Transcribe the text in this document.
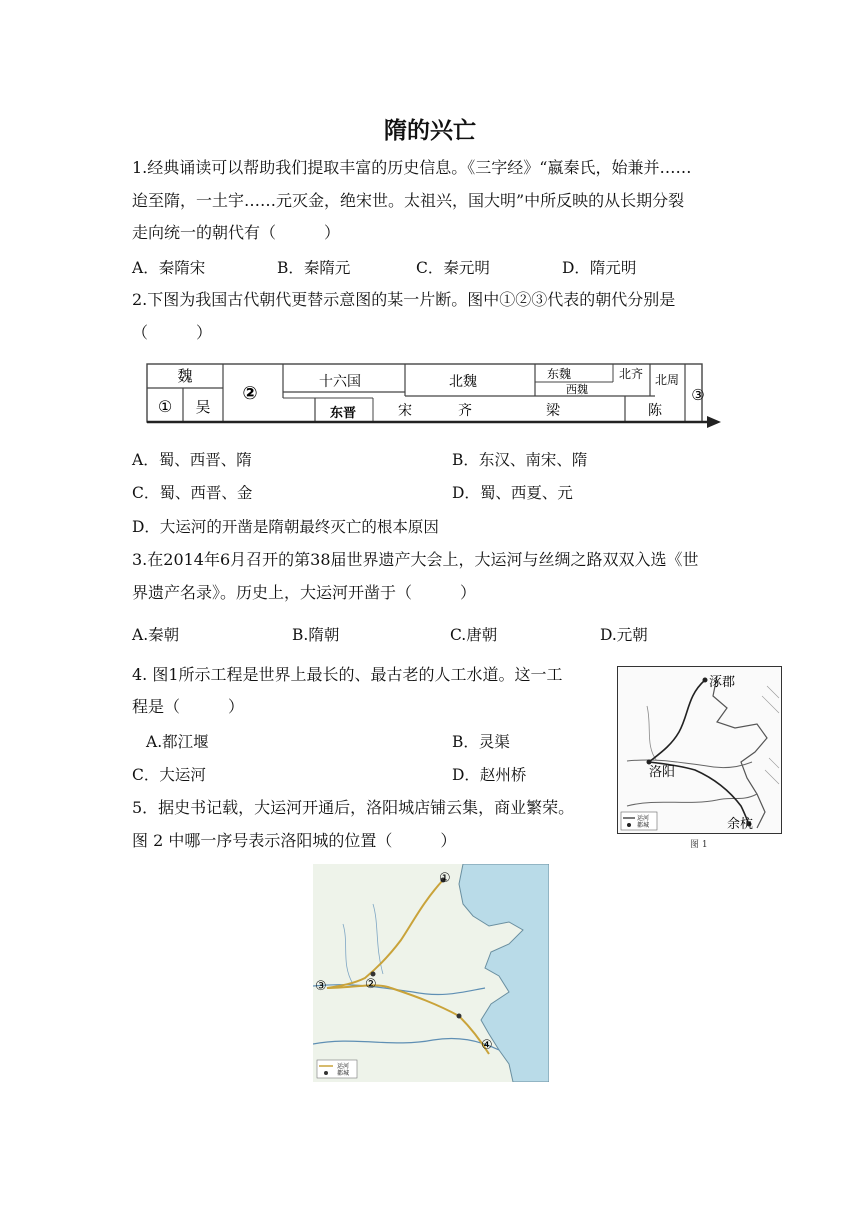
隋的兴亡
1.经典诵读可以帮助我们提取丰富的历史信息。《三字经》“嬴秦氏，始兼并……
迨至隋，一土宇……元灭金，绝宋世。太祖兴，国大明”中所反映的从长期分裂
走向统一的朝代有（　　　）
A．秦隋宋	B．秦隋元	C．秦元明	D．隋元明
2.下图为我国古代朝代更替示意图的某一片断。图中①②③代表的朝代分别是
（　　　）
魏
① 吴
②
十六国
东晋
北魏	东魏	北齐
西魏
北周
③
宋	齐	梁	陈
A．蜀、西晋、隋	B．东汉、南宋、隋
C．蜀、西晋、金	D．蜀、西夏、元
D．大运河的开凿是隋朝最终灭亡的根本原因
3.在2014年6月召开的第38届世界遗产大会上，大运河与丝绸之路双双入选《世
界遗产名录》。历史上，大运河开凿于（　　　）
A.秦朝	B.隋朝	C.唐朝	D.元朝
4. 图1所示工程是世界上最长的、最古老的人工水道。这一工
程是（　　　）
A.都江堰	B．灵渠
C．大运河	D．赵州桥
涿郡
洛阳
余杭
运河
都城
图 1
5．据史书记载，大运河开通后，洛阳城店铺云集，商业繁荣。
图 2 中哪一序号表示洛阳城的位置（　　　）
①
②
③
④
运河
都城
